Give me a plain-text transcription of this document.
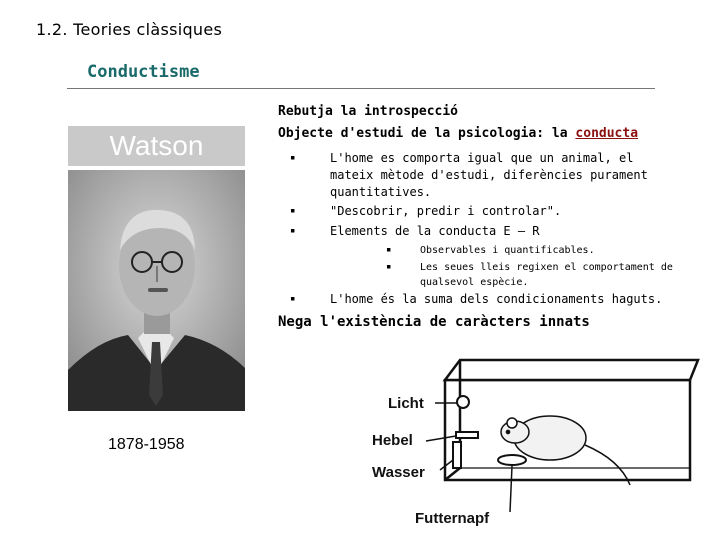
1.2. Teories clàssiques
Conductisme
Watson
1878-1958
Rebutja la introspecció
Objecte d'estudi de la psicologia: la conducta
▪	L'home es comporta igual que un animal, el mateix mètode d'estudi, diferències purament quantitatives.
▪	"Descobrir, predir i controlar".
▪	Elements de la conducta E – R
▪	Observables i quantificables.
▪	Les seues lleis regixen el comportament de qualsevol espècie.
▪	L'home és la suma dels condicionaments haguts.
Nega l'existència de caràcters innats
Licht
Hebel
Wasser
Futternapf
